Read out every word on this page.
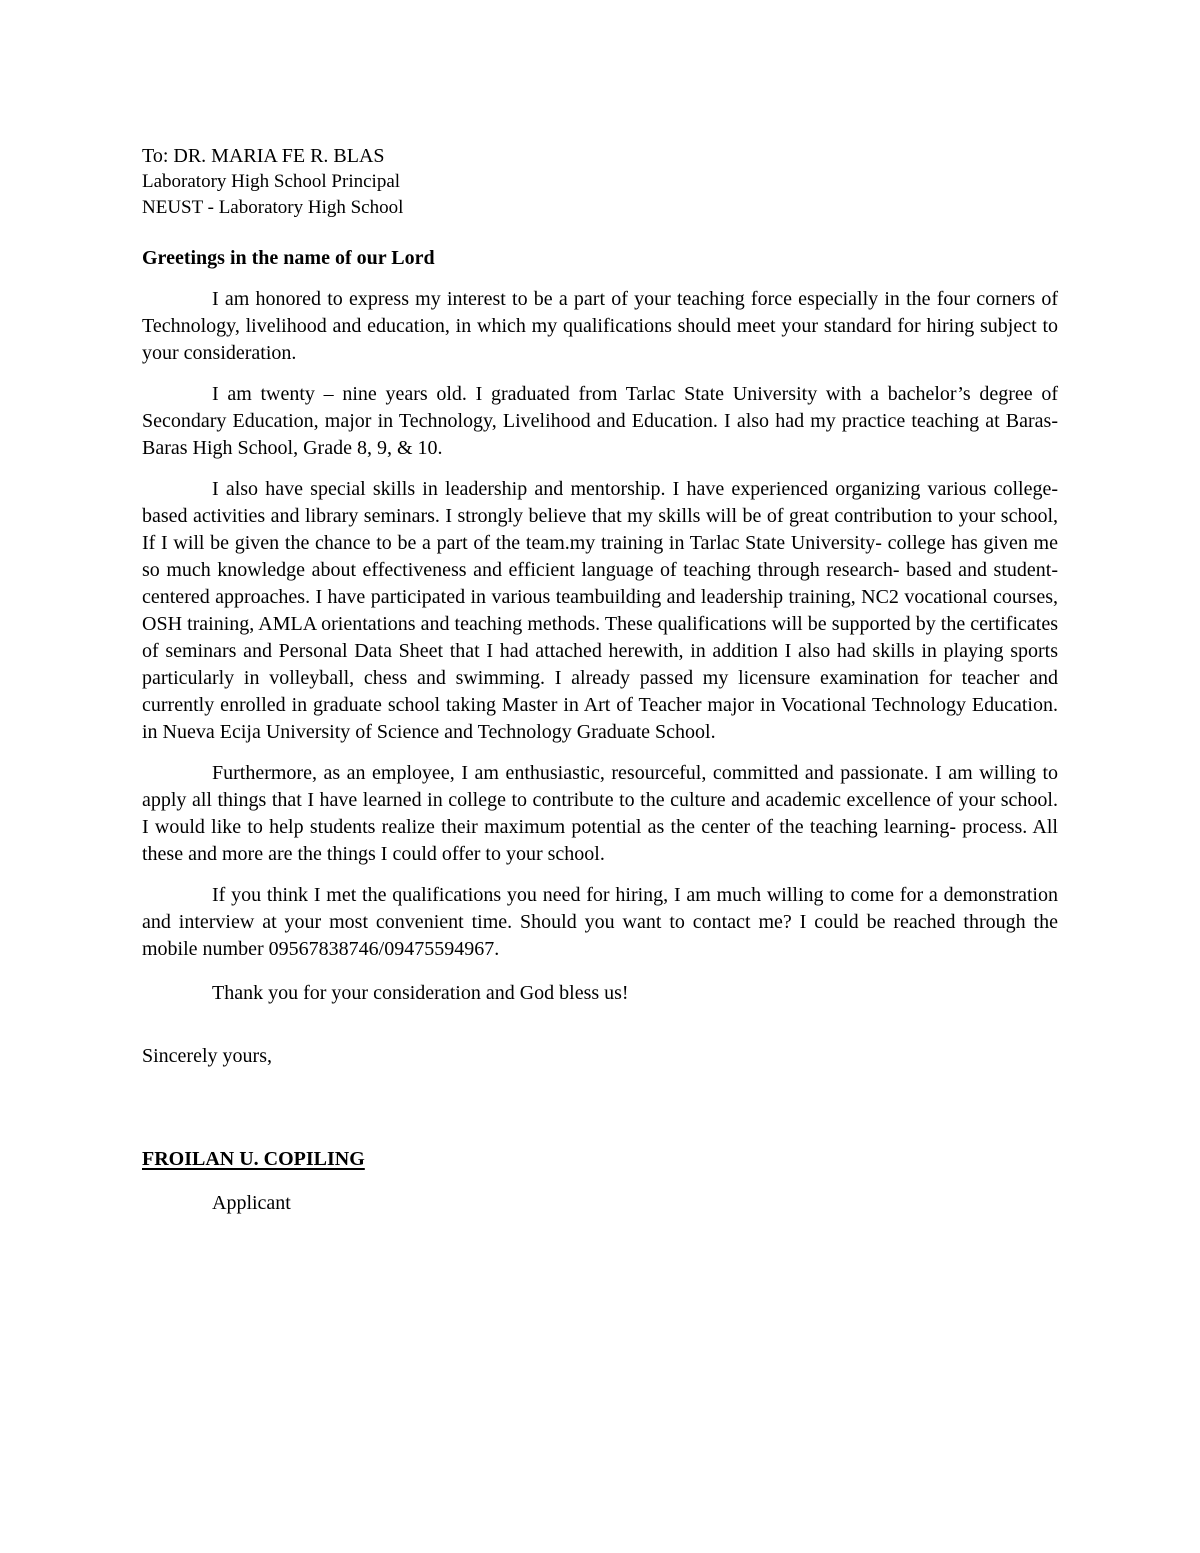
To: DR. MARIA FE R. BLAS

Laboratory High School Principal

NEUST - Laboratory High School

Greetings in the name of our Lord

I am honored to express my interest to be a part of your teaching force especially in the four corners of Technology, livelihood and education, in which my qualifications should meet your standard for hiring subject to your consideration.

I am twenty – nine years old. I graduated from Tarlac State University with a bachelor’s degree of Secondary Education, major in Technology, Livelihood and Education. I also had my practice teaching at Baras- Baras High School, Grade 8, 9, & 10.

I also have special skills in leadership and mentorship. I have experienced organizing various college-based activities and library seminars. I strongly believe that my skills will be of great contribution to your school, If I will be given the chance to be a part of the team.my training in Tarlac State University- college has given me so much knowledge about effectiveness and efficient language of teaching through research- based and student-centered approaches. I have participated in various teambuilding and leadership training, NC2 vocational courses, OSH training, AMLA orientations and teaching methods. These qualifications will be supported by the certificates of seminars and Personal Data Sheet that I had attached herewith, in addition I also had skills in playing sports particularly in volleyball, chess and swimming. I already passed my licensure examination for teacher and currently enrolled in graduate school taking Master in Art of Teacher major in Vocational Technology Education. in Nueva Ecija University of Science and Technology Graduate School.

Furthermore, as an employee, I am enthusiastic, resourceful, committed and passionate. I am willing to apply all things that I have learned in college to contribute to the culture and academic excellence of your school. I would like to help students realize their maximum potential as the center of the teaching learning- process. All these and more are the things I could offer to your school.

If you think I met the qualifications you need for hiring, I am much willing to come for a demonstration and interview at your most convenient time. Should you want to contact me? I could be reached through the mobile number 09567838746/09475594967.

Thank you for your consideration and God bless us!

Sincerely yours,

FROILAN U. COPILING

Applicant
